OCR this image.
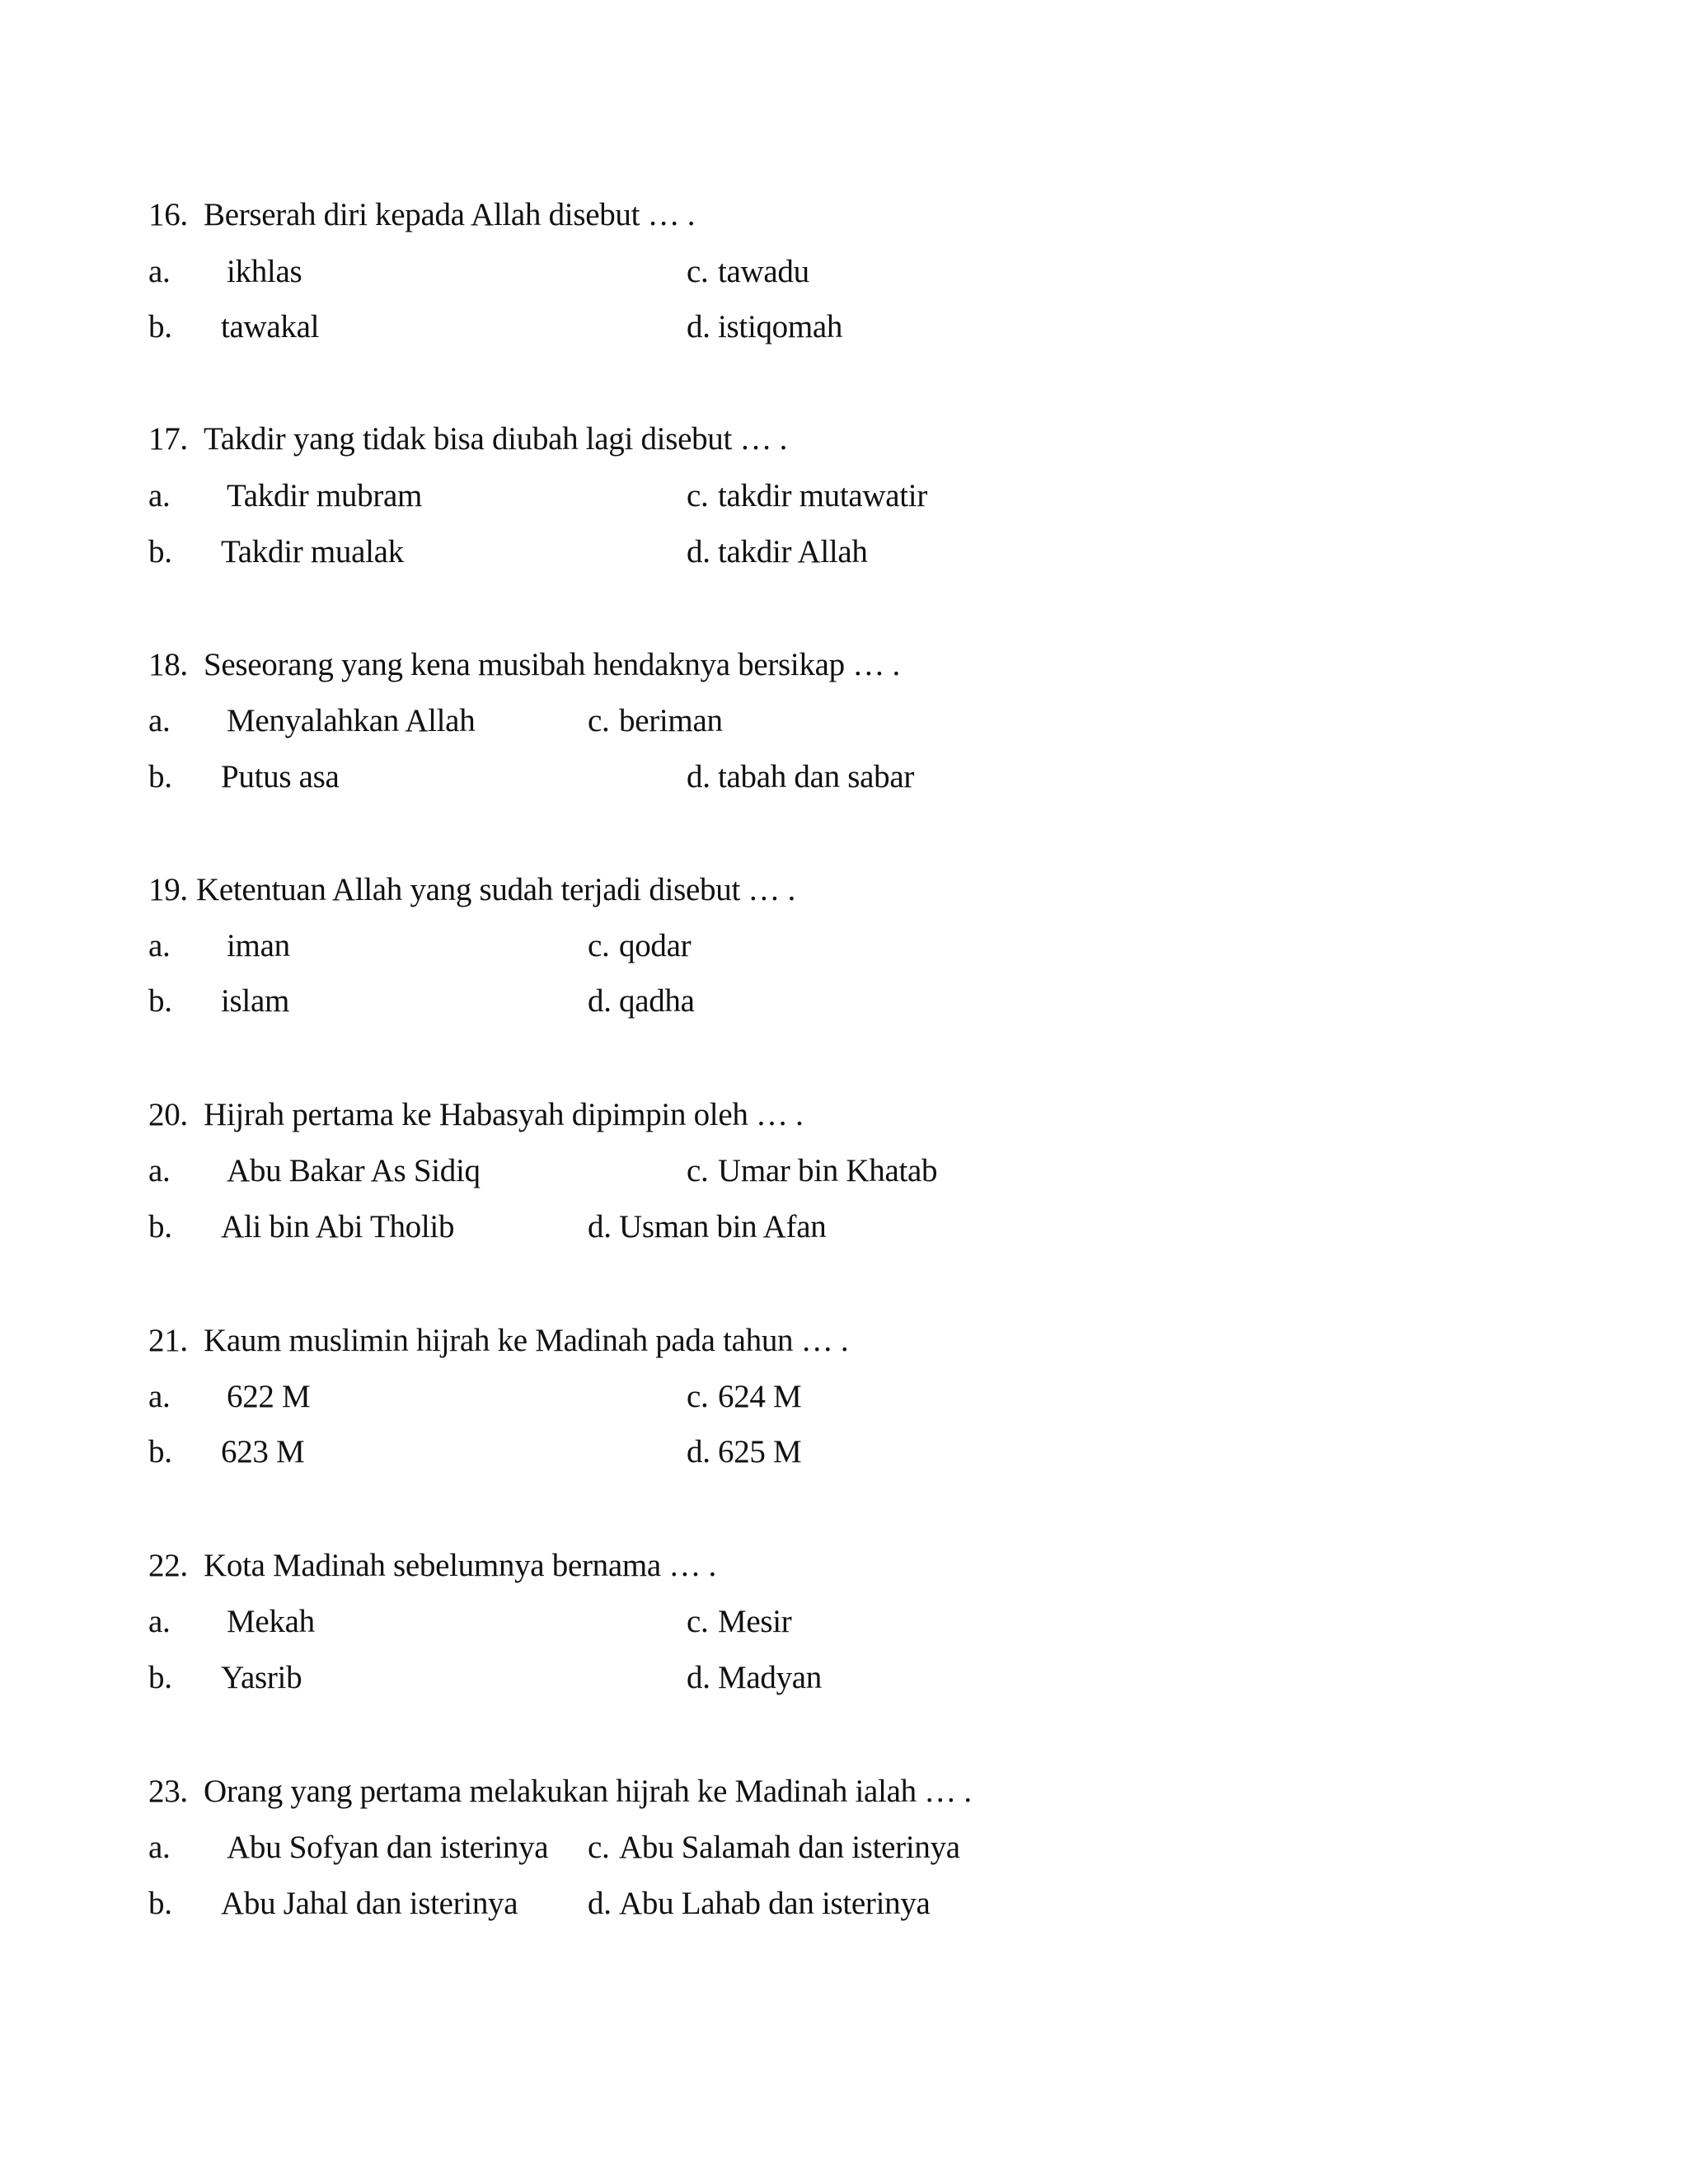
16. Berserah diri kepada Allah disebut … .
a. ikhlas	c. tawadu
b. tawakal	d. istiqomah
17. Takdir yang tidak bisa diubah lagi disebut … .
a. Takdir mubram	c. takdir mutawatir
b. Takdir mualak	d. takdir Allah
18. Seseorang yang kena musibah hendaknya bersikap … .
a. Menyalahkan Allah	c. beriman
b. Putus asa	d. tabah dan sabar
19. Ketentuan Allah yang sudah terjadi disebut … .
a. iman	c. qodar
b. islam	d. qadha
20. Hijrah pertama ke Habasyah dipimpin oleh … .
a. Abu Bakar As Sidiq	c. Umar bin Khatab
b. Ali bin Abi Tholib	d. Usman bin Afan
21. Kaum muslimin hijrah ke Madinah pada tahun … .
a. 622 M	c. 624 M
b. 623 M	d. 625 M
22. Kota Madinah sebelumnya bernama … .
a. Mekah	c. Mesir
b. Yasrib	d. Madyan
23. Orang yang pertama melakukan hijrah ke Madinah ialah … .
a. Abu Sofyan dan isterinya c. Abu Salamah dan isterinya
b. Abu Jahal dan isterinya d. Abu Lahab dan isterinya
